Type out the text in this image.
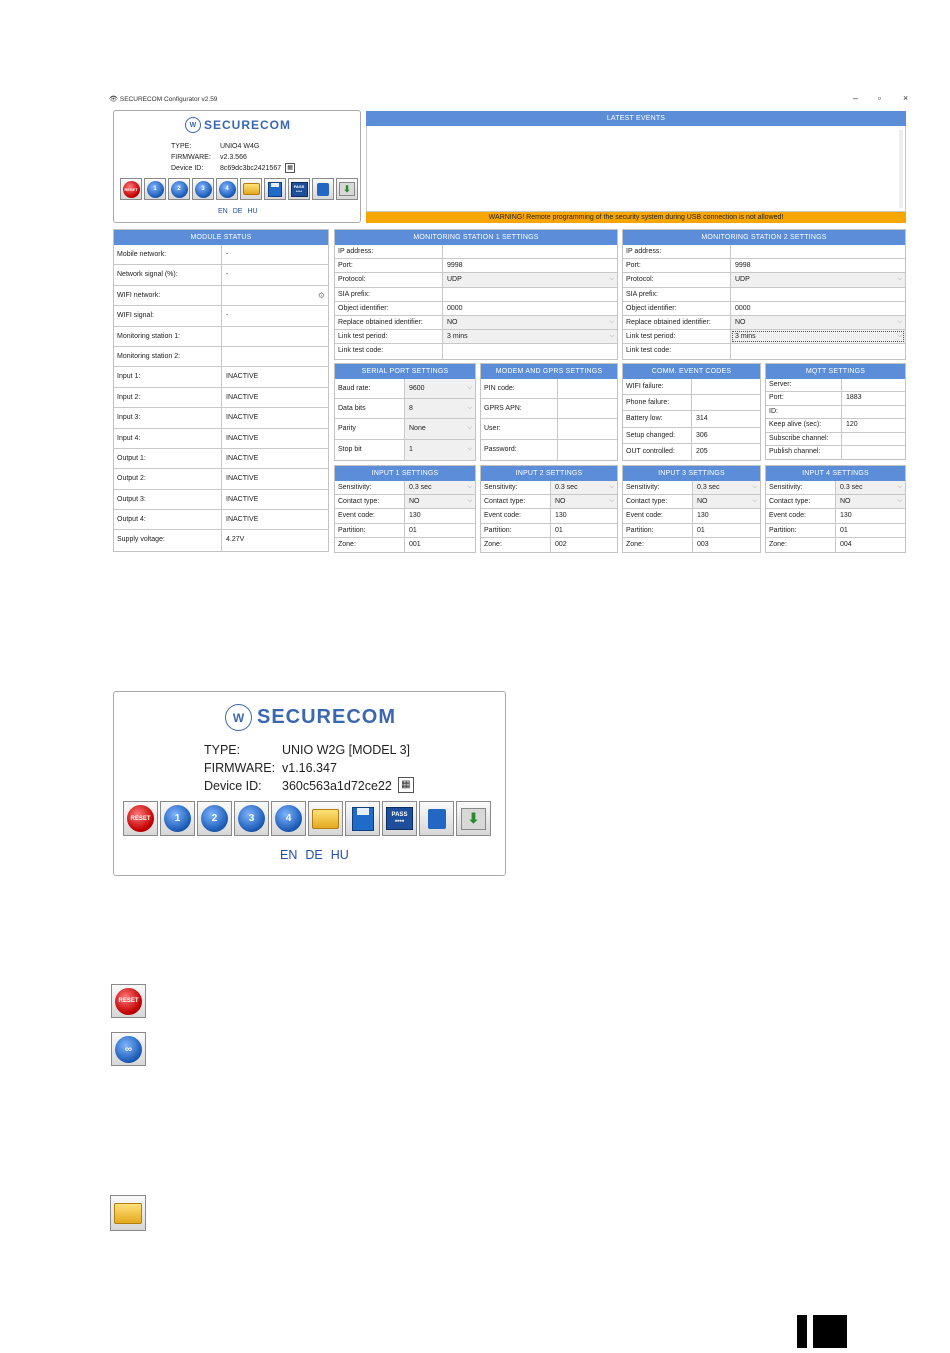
👁 SECURECOM Configurator v2.59	– ▫ ×
W SECURECOM
TYPE:	UNIO4 W4G
FIRMWARE:	v2.3.566
Device ID:	8c69dc3bc2421567	▦
RESET	1	2	3	4	PASS
****	⬇
EN DE HU
LATEST EVENTS
WARNING! Remote programming of the security system during USB connection is not allowed!
MODULE STATUS
Mobile network:	-
Network signal (%):	-
WIFI network:	⚙
WIFI signal:	-
Monitoring station 1:
Monitoring station 2:
Input 1:	INACTIVE
Input 2:	INACTIVE
Input 3:	INACTIVE
Input 4:	INACTIVE
Output 1:	INACTIVE
Output 2:	INACTIVE
Output 3:	INACTIVE
Output 4:	INACTIVE
Supply voltage:	4.27V
MONITORING STATION 1 SETTINGS
IP address:
Port:	9998
Protocol:	UDP ⌵
SIA prefix:
Object identifier:	0000
Replace obtained identifier:	NO ⌵
Link test period:	3 mins ⌵
Link test code:
MONITORING STATION 2 SETTINGS
IP address:
Port:	9998
Protocol:	UDP ⌵
SIA prefix:
Object identifier:	0000
Replace obtained identifier:	NO ⌵
Link test period:	3 mins ⌵
Link test code:
SERIAL PORT SETTINGS
Baud rate:	9600 ⌵
Data bits	8 ⌵
Parity	None ⌵
Stop bit	1 ⌵
MODEM AND GPRS SETTINGS
PIN code:
GPRS APN:
User:
Password:
COMM. EVENT CODES
WIFI failure:
Phone failure:
Battery low:	314
Setup changed:	306
OUT controlled:	205
MQTT SETTINGS
Server:
Port:	1883
ID:
Keep alive (sec):	120
Subscribe channel:
Publish channel:
INPUT 1 SETTINGS
Sensitivity:	0.3 sec ⌵
Contact type:	NO ⌵
Event code:	130
Partition:	01
Zone:	001
INPUT 2 SETTINGS
Sensitivity:	0.3 sec ⌵
Contact type:	NO ⌵
Event code:	130
Partition:	01
Zone:	002
INPUT 3 SETTINGS
Sensitivity:	0.3 sec ⌵
Contact type:	NO ⌵
Event code:	130
Partition:	01
Zone:	003
INPUT 4 SETTINGS
Sensitivity:	0.3 sec ⌵
Contact type:	NO ⌵
Event code:	130
Partition:	01
Zone:	004
W SECURECOM
TYPE:	UNIO W2G [MODEL 3]
FIRMWARE: v1.16.347
Device ID:	360c563a1d72ce22 ▦
RESET	1	2	3	4	PASS
****	⬇
EN DE HU
RESET
∞
